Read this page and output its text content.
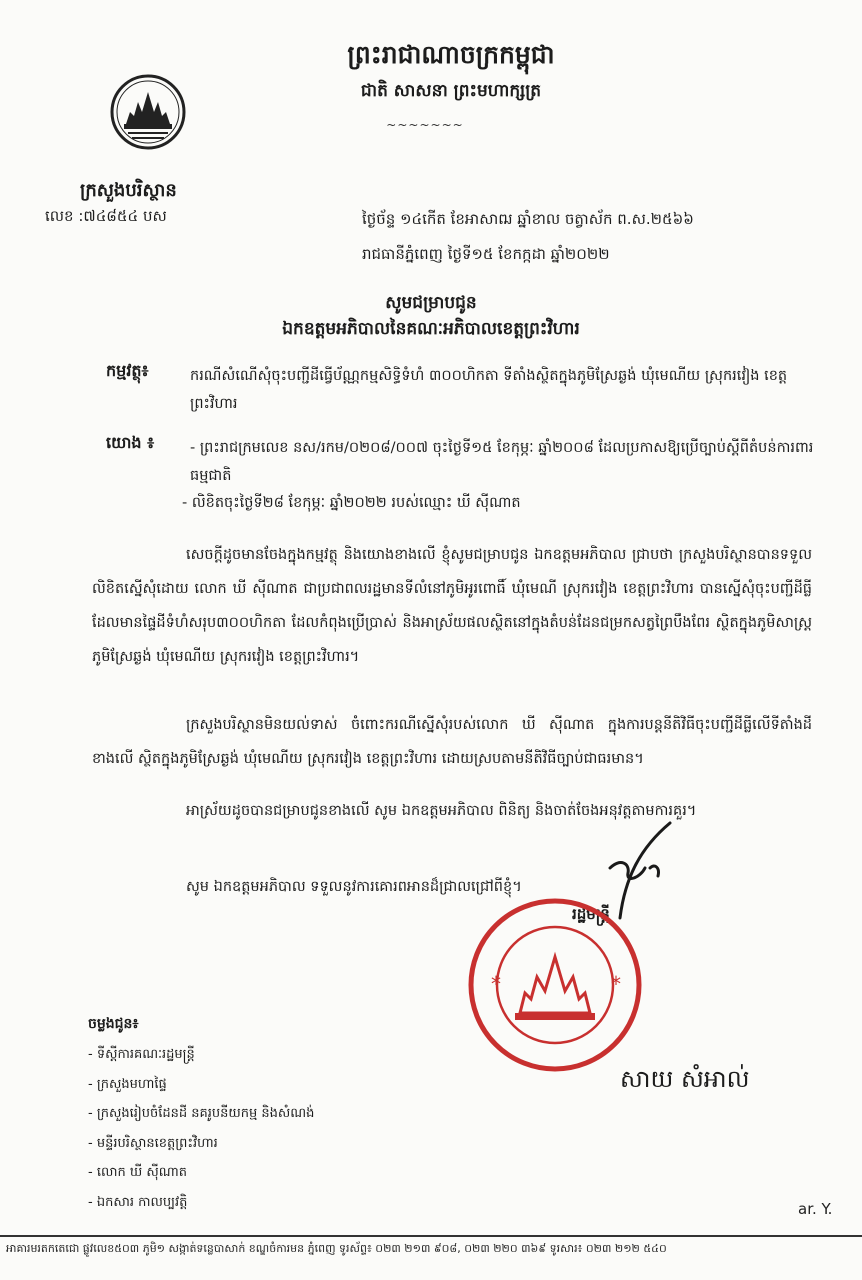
ព្រះរាជាណាចក្រកម្ពុជា
ជាតិ សាសនា ព្រះមហាក្សត្រ
~~~~~~~
ក្រសួងបរិស្ថាន
លេខ :៧៤៨៥៤ បស	ថ្ងៃច័ន្ទ ១៤កើត ខែអាសាឍ ឆ្នាំខាល ចត្វាស័ក ព.ស.២៥៦៦
រាជធានីភ្នំពេញ ថ្ងៃទី១៥ ខែកក្កដា ឆ្នាំ២០២២
សូមជម្រាបជូន
ឯកឧត្តមអភិបាលនៃគណៈអភិបាលខេត្តព្រះវិហារ
កម្មវត្ថុ៖	ករណីសំណើសុំចុះបញ្ជីដីធ្វើប័ណ្ណកម្មសិទ្ធិទំហំ ៣០០ហិកតា ទីតាំងស្ថិតក្នុងភូមិស្រែឆ្ងង់ ឃុំមេណីយ ស្រុករវៀង ខេត្តព្រះវិហារ
យោង ៖ - ព្រះរាជក្រមលេខ នស/រកម/០២០៨/០០៧ ចុះថ្ងៃទី១៥ ខែកុម្ភៈ ឆ្នាំ២០០៨ ដែលប្រកាសឱ្យប្រើច្បាប់ស្តីពីតំបន់ការពារធម្មជាតិ
- លិខិតចុះថ្ងៃទី២៨ ខែកុម្ភៈ ឆ្នាំ២០២២ របស់ឈ្មោះ ឃី ស៊ីណាត
សេចក្តីដូចមានចែងក្នុងកម្មវត្ថុ និងយោងខាងលើ ខ្ញុំសូមជម្រាបជូន ឯកឧត្តមអភិបាល ជ្រាបថា ក្រសួងបរិស្ថានបានទទួលលិខិតស្នើសុំដោយ លោក ឃី ស៊ីណាត ជាប្រជាពលរដ្ឋមានទីលំនៅភូមិអូរពោធិ៍ ឃុំមេណី ស្រុករវៀង ខេត្តព្រះវិហារ បានស្នើសុំចុះបញ្ជីដីធ្លីដែលមានផ្ទៃដីទំហំសរុប៣០០ហិកតា ដែលកំពុងប្រើប្រាស់ និងអាស្រ័យផលស្ថិតនៅក្នុងតំបន់ដែនជម្រកសត្វព្រៃបឹងពែរ ស្ថិតក្នុងភូមិសាស្ត្រភូមិស្រែឆ្ងង់ ឃុំមេណីយ ស្រុករវៀង ខេត្តព្រះវិហារ។
ក្រសួងបរិស្ថានមិនយល់ទាស់ ចំពោះករណីស្នើសុំរបស់លោក ឃី ស៊ីណាត ក្នុងការបន្តនីតិវិធីចុះបញ្ជីដីធ្លីលើទីតាំងដីខាងលើ ស្ថិតក្នុងភូមិស្រែឆ្ងង់ ឃុំមេណីយ ស្រុករវៀង ខេត្តព្រះវិហារ ដោយស្របតាមនីតិវិធីច្បាប់ជាធរមាន។
អាស្រ័យដូចបានជម្រាបជូនខាងលើ សូម ឯកឧត្តមអភិបាល ពិនិត្យ និងចាត់ចែងអនុវត្តតាមការគួរ។
សូម ឯកឧត្តមអភិបាល ទទួលនូវការគោរពអានដ៏ជ្រាលជ្រៅពីខ្ញុំ។
រដ្ឋមន្ត្រី
*	*
សាយ សំអាល់
ចម្លងជូន៖
- ទីស្តីការគណៈរដ្ឋមន្ត្រី
- ក្រសួងមហាផ្ទៃ
- ក្រសួងរៀបចំដែនដី នគរូបនីយកម្ម និងសំណង់
- មន្ទីរបរិស្ថានខេត្តព្រះវិហារ
- លោក ឃី ស៊ីណាត
- ឯកសារ កាលប្បវត្តិ	ar. Y.
អាគារមរតកតេជោ ផ្លូវលេខ៥០៣ ភូមិ១ សង្កាត់ទន្លេបាសាក់ ខណ្ឌចំការមន ភ្នំពេញ ទូរស័ព្ទ៖ ០២៣ ២១៣ ៩០៨, ០២៣ ២២០ ៣៦៩ ទូរសារ៖ ០២៣ ២១២ ៥៤០
